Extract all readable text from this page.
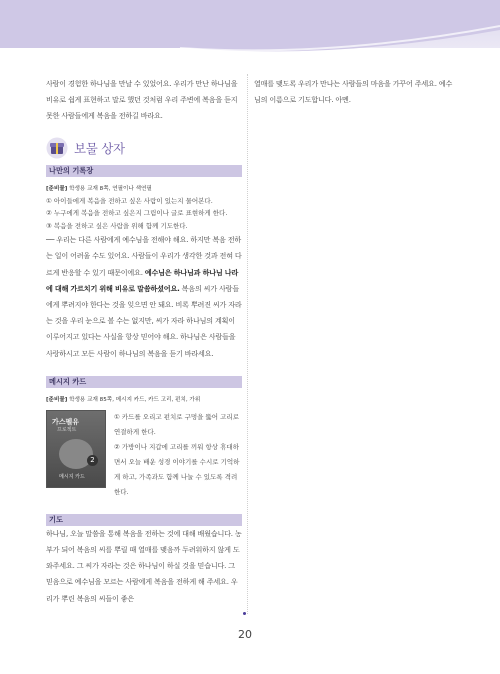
사람이 경험한 하나님을 만날 수 있었어요. 우리가 만난 하나님을 비유로 쉽게 표현하고 말로 했던 것처럼 우리 주변에 복음을 듣지 못한 사람들에게 복음을 전하길 바라요.

보물 상자
나만의 기록장

[준비물] 학생용 교재 8쪽, 연필이나 색연필

① 아이들에게 복음을 전하고 싶은 사람이 있는지 물어본다.

② 누구에게 복음을 전하고 싶은지 그림이나 글로 표현하게 한다.

③ 복음을 전하고 싶은 사람을 위해 함께 기도한다.

── 우리는 다른 사람에게 예수님을 전해야 해요. 하지만 복음 전하는 일이 어려울 수도 있어요. 사람들이 우리가 생각한 것과 전혀 다르게 반응할 수 있기 때문이에요. 예수님은 하나님과 하나님 나라에 대해 가르치기 위해 비유로 말씀하셨어요. 복음의 씨가 사람들에게 뿌려지야 한다는 것을 잊으면 안 돼요. 비록 뿌려진 씨가 자라는 것을 우리 눈으로 볼 수는 없지만, 씨가 자라 하나님의 계획이 이루어지고 있다는 사실을 항상 믿어야 해요. 하나님은 사람들을 사랑하시고 모든 사람이 하나님의 복음을 듣기 바라세요.

메시지 카드

[준비물] 학생용 교재 85쪽, 메시지 카드, 카드 고리, 펀치, 가위

가스펠유
프로젝트
2
메시지 카드

① 카드를 오리고 펀치로 구멍을 뚫어 고리로 연결하게 한다.

② 가방이나 지갑에 고리를 끼워 항상 휴대하면서 오늘 배운 성경 이야기를 수시로 기억하게 하고, 가족과도 함께 나눌 수 있도록 격려한다.

기도

하나님, 오늘 말씀을 통해 복음을 전하는 것에 대해 배웠습니다. 농부가 되어 복음의 씨를 뿌릴 때 열매를 맺음까 두려워하지 않게 도와주세요. 그 씨가 자라는 것은 하나님이 하실 것을 믿습니다. 그 믿음으로 예수님을 모르는 사람에게 복음을 전하게 해 주세요. 우리가 뿌린 복음의 씨들이 좋은

열매를 맺도록 우리가 만나는 사람들의 마음을 가꾸어 주세요. 예수님의 이름으로 기도합니다. 아멘.

20
